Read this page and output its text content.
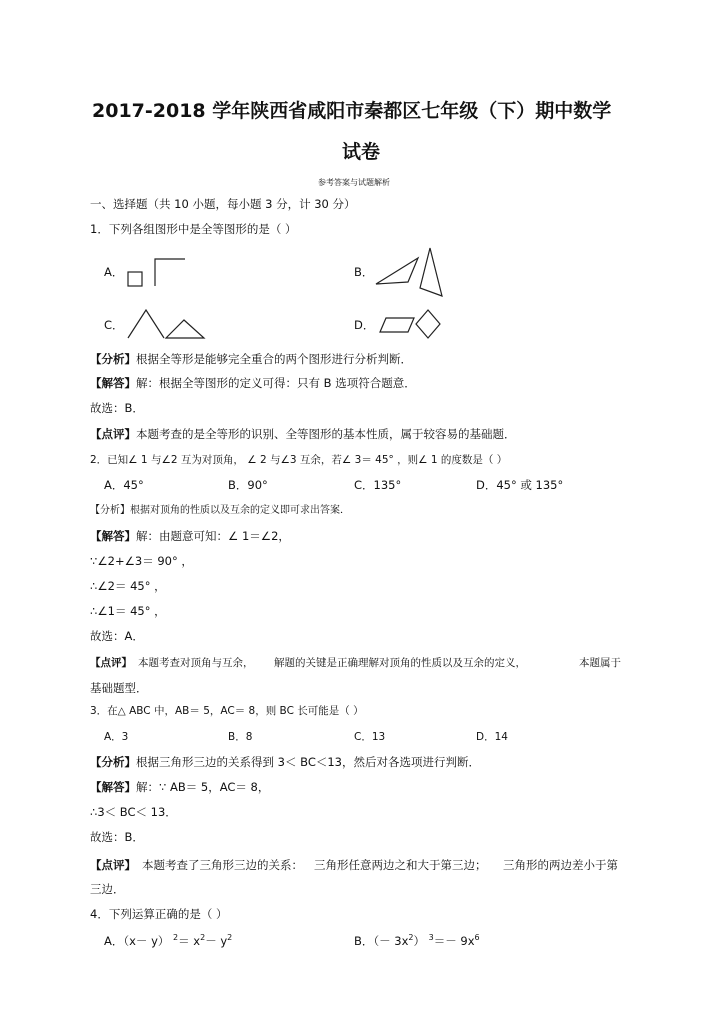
2017-2018 学年陕西省咸阳市秦都区七年级（下）期中数学
试卷
参考答案与试题解析
一、选择题（共 10 小题，每小题 3 分，计 30 分）
1．下列各组图形中是全等图形的是（ ）
A．	B．
C．	D．
【分析】根据全等形是能够完全重合的两个图形进行分析判断．
【解答】解：根据全等图形的定义可得：只有 B 选项符合题意．
故选：B．
【点评】本题考查的是全等形的识别、全等图形的基本性质，属于较容易的基础题．
2．已知∠ 1 与∠2 互为对顶角， ∠ 2 与∠3 互余，若∠ 3＝ 45° ，则∠ 1 的度数是（ ）
A．45°	B．90°	C．135°	D．45° 或 135°
【分析】根据对顶角的性质以及互余的定义即可求出答案．
【解答】解：由题意可知：∠ 1＝∠2，
∵∠2+∠3＝ 90° ，
∴∠2＝ 45° ，
∴∠1＝ 45° ，
故选：A．
【点评】 本题考查对顶角与互余， 解题的关键是正确理解对顶角的性质以及互余的定义，	本题属于
基础题型．
3．在△ ABC 中，AB＝ 5，AC＝ 8，则 BC 长可能是（ ）
A．3	B．8	C．13	D．14
【分析】根据三角形三边的关系得到 3＜ BC＜13，然后对各选项进行判断．
【解答】解：∵ AB＝ 5，AC＝ 8，
∴3＜ BC＜ 13．
故选：B．
【点评】 本题考查了三角形三边的关系： 三角形任意两边之和大于第三边； 三角形的两边差小于第
三边．
4．下列运算正确的是（ ）
A．（x－ y） $^2= x^2- y^2$	B．（－ $3x^2$） $^3=- 9x^6$
